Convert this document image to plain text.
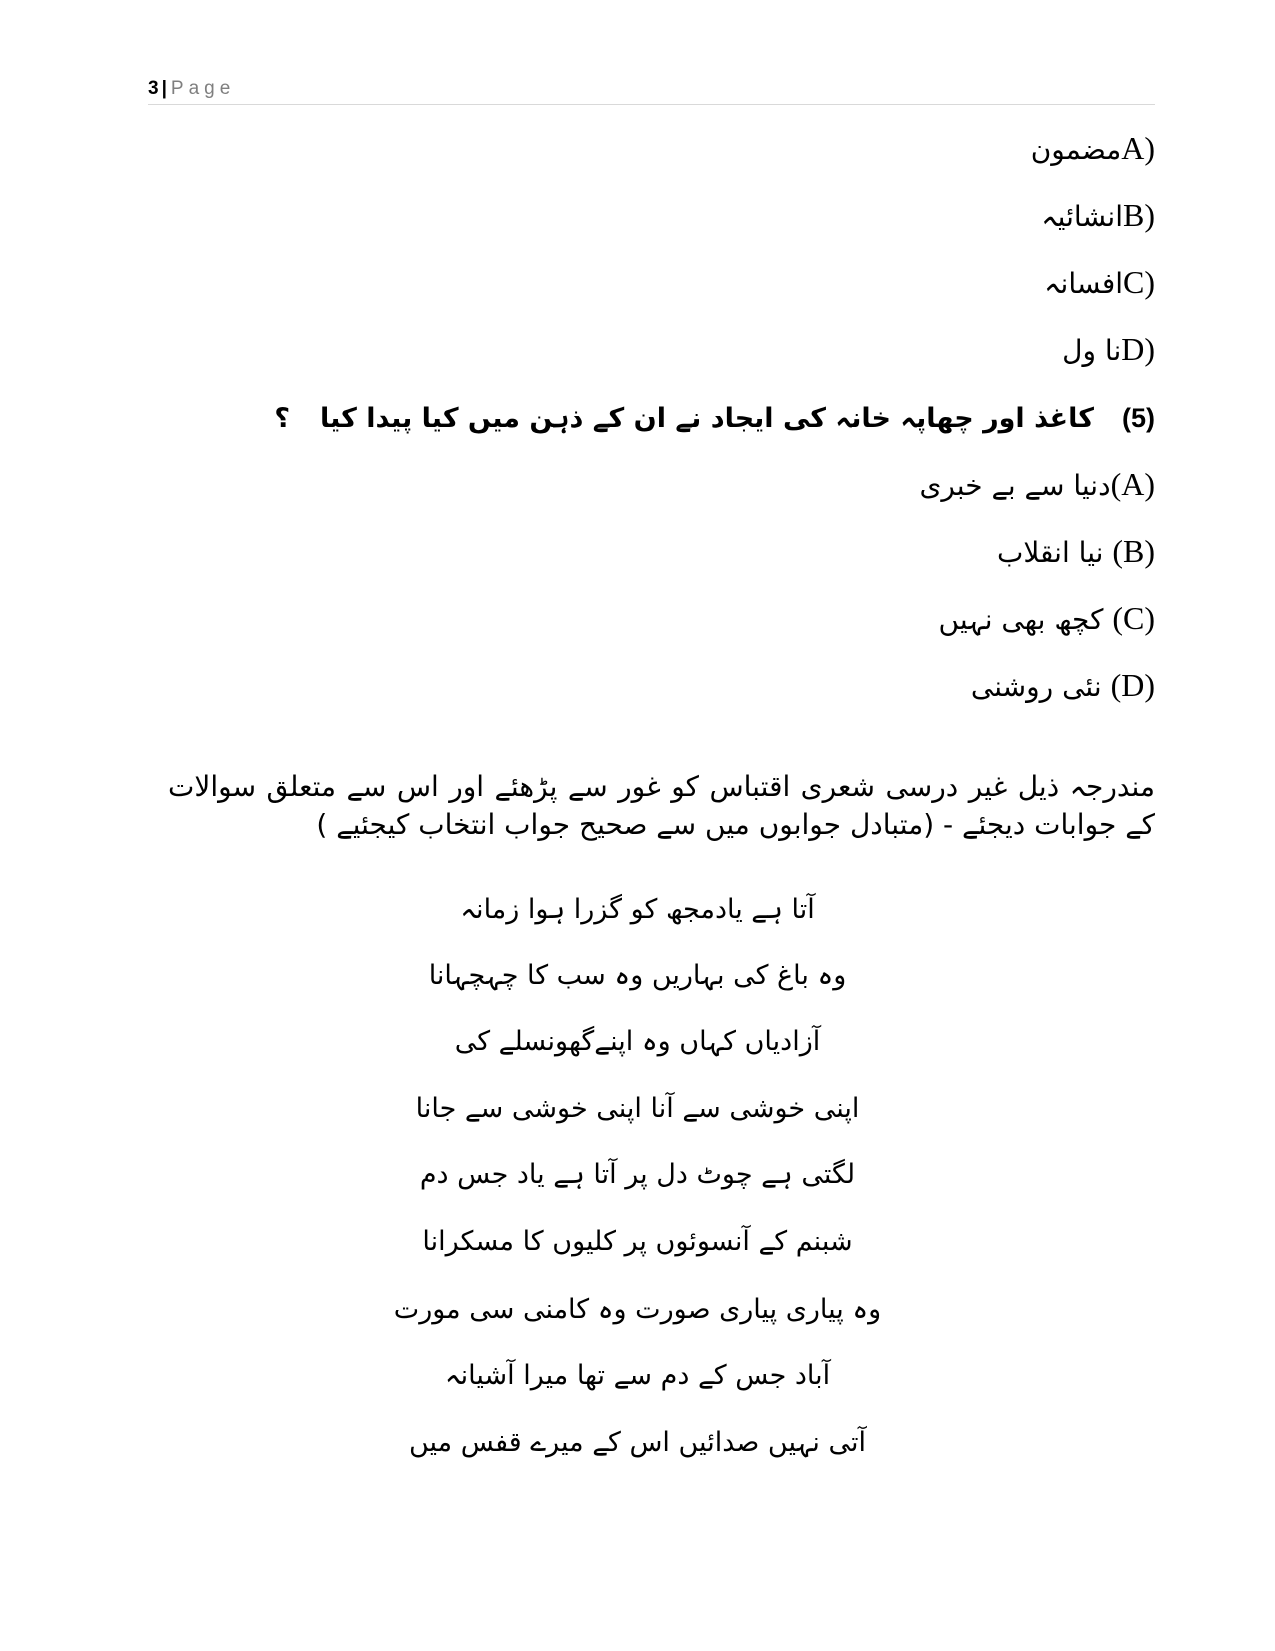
3 | Page
A)مضمون
B)انشائیہ
C)افسانہ
D)نا ول
(5)کاغذ اور چھاپہ خانہ کی ایجاد نے ان کے ذہن میں کیا پیدا کیا؟
(A)دنیا سے بے خبری
(B) نیا انقلاب
(C) کچھ بھی نہیں
(D) نئی روشنی
مندرجہ ذیل غیر درسی شعری اقتباس کو غور سے پڑھئے اور اس سے متعلق سوالات کے جوابات دیجئے - (متبادل جوابوں میں سے صحیح جواب انتخاب کیجئیے )
آتا ہے یادمجھ کو گزرا ہوا زمانہ
وہ باغ کی بہاریں وہ سب کا چہچہانا
آزادیاں کہاں وہ اپنےگھونسلے کی
اپنی خوشی سے آنا اپنی خوشی سے جانا
لگتی ہے چوٹ دل پر آتا ہے یاد جس دم
شبنم کے آنسوئوں پر کلیوں کا مسکرانا
وہ پیاری پیاری صورت وہ کامنی سی مورت
آباد جس کے دم سے تھا میرا آشیانہ
آتی نہیں صدائیں اس کے میرے قفس میں
